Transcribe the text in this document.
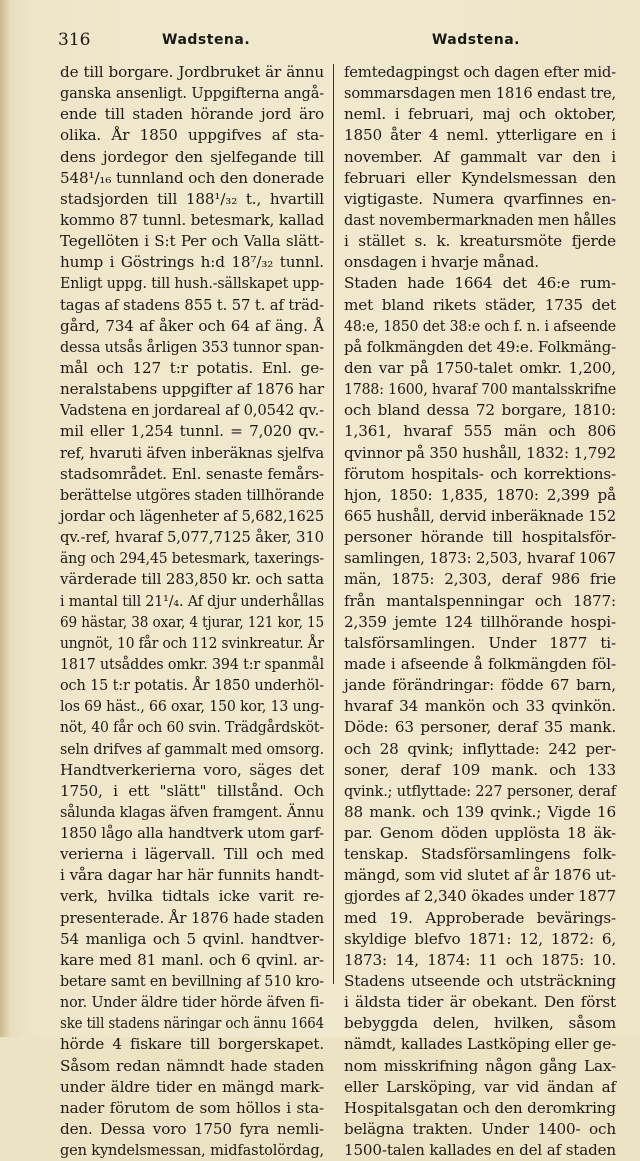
316	Wadstena.	Wadstena.
de till borgare. Jordbruket är ännu
ganska ansenligt. Uppgifterna angå-
ende till staden hörande jord äro
olika. År 1850 uppgifves af sta-
dens jordegor den sjelfegande till
548¹/₁₆ tunnland och den donerade
stadsjorden till 188¹/₃₂ t., hvartill
kommo 87 tunnl. betesmark, kallad
Tegellöten i S:t Per och Valla slätt-
hump i Göstrings h:d 18⁷/₃₂ tunnl.
Enligt uppg. till hush.-sällskapet upp-
tagas af stadens 855 t. 57 t. af träd-
gård, 734 af åker och 64 af äng. Å
dessa utsås årligen 353 tunnor span-
mål och 127 t:r potatis. Enl. ge-
neralstabens uppgifter af 1876 har
Vadstena en jordareal af 0,0542 qv.-
mil eller 1,254 tunnl. = 7,020 qv.-
ref, hvaruti äfven inberäknas sjelfva
stadsområdet. Enl. senaste femårs-
berättelse utgöres staden tillhörande
jordar och lägenheter af 5,682,1625
qv.-ref, hvaraf 5,077,7125 åker, 310
äng och 294,45 betesmark, taxerings-
värderade till 283,850 kr. och satta
i mantal till 21¹/₄. Af djur underhållas
69 hästar, 38 oxar, 4 tjurar, 121 kor, 15
ungnöt, 10 får och 112 svinkreatur. År
1817 utsåddes omkr. 394 t:r spanmål
och 15 t:r potatis. År 1850 underhöl-
los 69 häst., 66 oxar, 150 kor, 13 ung-
nöt, 40 får och 60 svin. Trädgårdsköt-
seln drifves af gammalt med omsorg.
Handtverkerierna voro, säges det
1750, i ett "slätt" tillstånd. Och
sålunda klagas äfven framgent. Ännu
1850 lågo alla handtverk utom garf-
verierna i lägervall. Till och med
i våra dagar har här funnits handt-
verk, hvilka tidtals icke varit re-
presenterade. År 1876 hade staden
54 manliga och 5 qvinl. handtver-
kare med 81 manl. och 6 qvinl. ar-
betare samt en bevillning af 510 kro-
nor. Under äldre tider hörde äfven fi-
ske till stadens näringar och ännu 1664
hörde 4 fiskare till borgerskapet.
Såsom redan nämndt hade staden
under äldre tider en mängd mark-
nader förutom de som höllos i sta-
den. Dessa voro 1750 fyra nemli-
gen kyndelsmessan, midfastolördag,
femtedagpingst och dagen efter mid-
sommarsdagen men 1816 endast tre,
neml. i februari, maj och oktober,
1850 åter 4 neml. ytterligare en i
november. Af gammalt var den i
februari eller Kyndelsmessan den
vigtigaste. Numera qvarfinnes en-
dast novembermarknaden men hålles
i stället s. k. kreatursmöte fjerde
onsdagen i hvarje månad.
Staden hade 1664 det 46:e rum-
met bland rikets städer, 1735 det
48:e, 1850 det 38:e och f. n. i afseende
på folkmängden det 49:e. Folkmäng-
den var på 1750-talet omkr. 1,200,
1788: 1600, hvaraf 700 mantalsskrifne
och bland dessa 72 borgare, 1810:
1,361, hvaraf 555 män och 806
qvinnor på 350 hushåll, 1832: 1,792
förutom hospitals- och korrektions-
hjon, 1850: 1,835, 1870: 2,399 på
665 hushåll, dervid inberäknade 152
personer hörande till hospitalsför-
samlingen, 1873: 2,503, hvaraf 1067
män, 1875: 2,303, deraf 986 frie
från mantalspenningar och 1877:
2,359 jemte 124 tillhörande hospi-
talsförsamlingen. Under 1877 ti-
made i afseende å folkmängden föl-
jande förändringar: födde 67 barn,
hvaraf 34 mankön och 33 qvinkön.
Döde: 63 personer, deraf 35 mank.
och 28 qvink; inflyttade: 242 per-
soner, deraf 109 mank. och 133
qvink.; utflyttade: 227 personer, deraf
88 mank. och 139 qvink.; Vigde 16
par. Genom döden upplösta 18 äk-
tenskap. Stadsförsamlingens folk-
mängd, som vid slutet af år 1876 ut-
gjordes af 2,340 ökades under 1877
med 19. Approberade bevärings-
skyldige blefvo 1871: 12, 1872: 6,
1873: 14, 1874: 11 och 1875: 10.
Stadens utseende och utsträckning
i äldsta tider är obekant. Den först
bebyggda delen, hvilken, såsom
nämdt, kallades Lastköping eller ge-
nom misskrifning någon gång Lax-
eller Larsköping, var vid ändan af
Hospitalsgatan och den deromkring
belägna trakten. Under 1400- och
1500-talen kallades en del af staden
